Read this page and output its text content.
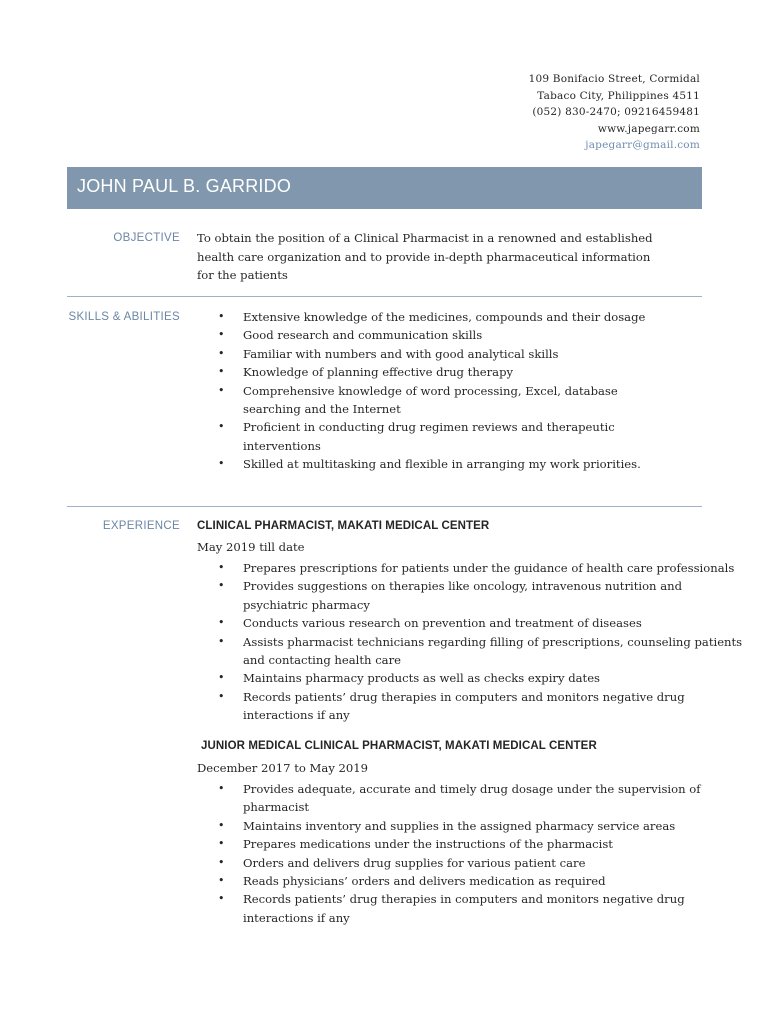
109 Bonifacio Street, Cormidal
Tabaco City, Philippines 4511
(052) 830-2470; 09216459481
www.japegarr.com
japegarr@gmail.com
JOHN PAUL B. GARRIDO
OBJECTIVE To obtain the position of a Clinical Pharmacist in a renowned and established
health care organization and to provide in-depth pharmaceutical information
for the patients
SKILLS & ABILITIES
•	Extensive knowledge of the medicines, compounds and their dosage
• Good research and communication skills
• Familiar with numbers and with good analytical skills
• Knowledge of planning effective drug therapy
• Comprehensive knowledge of word processing, Excel, database
searching and the Internet
• Proficient in conducting drug regimen reviews and therapeutic
interventions
• Skilled at multitasking and flexible in arranging my work priorities.
EXPERIENCE CLINICAL PHARMACIST, MAKATI MEDICAL CENTER
May 2019 till date
• Prepares prescriptions for patients under the guidance of health care professionals
• Provides suggestions on therapies like oncology, intravenous nutrition and
psychiatric pharmacy
• Conducts various research on prevention and treatment of diseases
• Assists pharmacist technicians regarding filling of prescriptions, counseling patients
and contacting health care
• Maintains pharmacy products as well as checks expiry dates
• Records patients’ drug therapies in computers and monitors negative drug
interactions if any
JUNIOR MEDICAL CLINICAL PHARMACIST, MAKATI MEDICAL CENTER
December 2017 to May 2019
• Provides adequate, accurate and timely drug dosage under the supervision of
pharmacist
• Maintains inventory and supplies in the assigned pharmacy service areas
• Prepares medications under the instructions of the pharmacist
• Orders and delivers drug supplies for various patient care
• Reads physicians’ orders and delivers medication as required
• Records patients’ drug therapies in computers and monitors negative drug
interactions if any
